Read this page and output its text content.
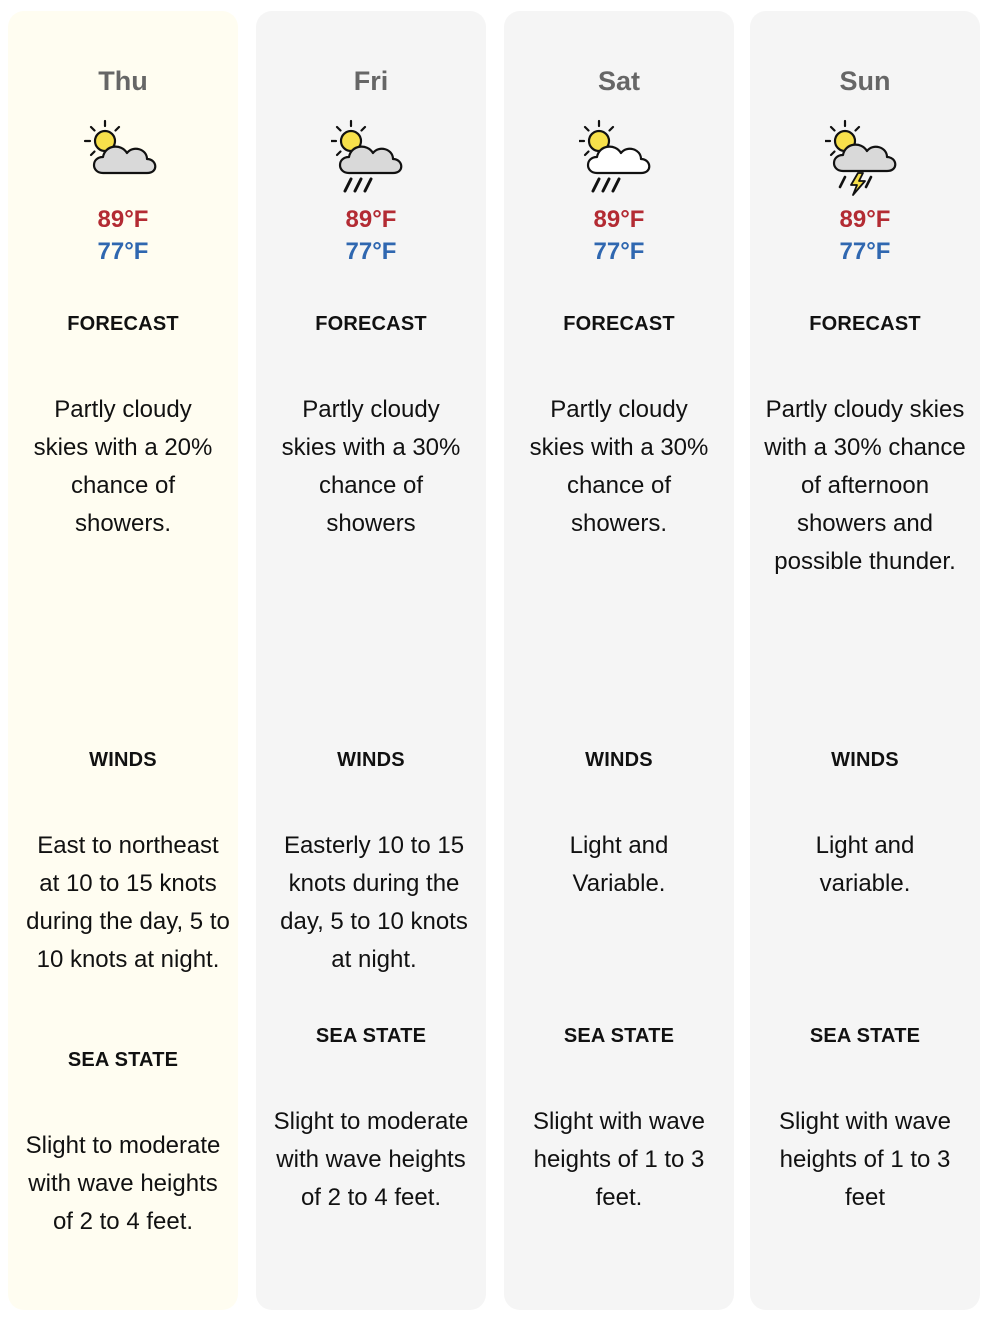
Thu
89°F
77°F
FORECAST
Partly cloudy skies with a 20% chance of showers.
WINDS
East to northeast at 10 to 15 knots during the day, 5 to 10 knots at night.
SEA STATE
Slight to moderate with wave heights of 2 to 4 feet.
Fri
89°F
77°F
FORECAST
Partly cloudy skies with a 30% chance of showers
WINDS
Easterly 10 to 15 knots during the day, 5 to 10 knots at night.
SEA STATE
Slight to moderate with wave heights of 2 to 4 feet.
Sat
89°F
77°F
FORECAST
Partly cloudy skies with a 30% chance of showers.
WINDS
Light and Variable.
SEA STATE
Slight with wave heights of 1 to 3 feet.
Sun
89°F
77°F
FORECAST
Partly cloudy skies with a 30% chance of afternoon showers and possible thunder.
WINDS
Light and variable.
SEA STATE
Slight with wave heights of 1 to 3 feet
